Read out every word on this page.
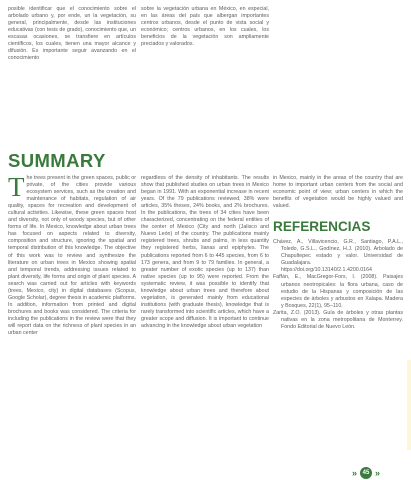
posible identificar que el conocimiento sobre el arbolado urbano y, por ende, un la vegetación, su general, principalmente, desde las instituciones educativas (con tesis de grado), conocimiento que, un escasas ocasiones, se transfiere en artículos científicos, los cuales, tienen una mayor alcance y difusión. Es importante seguir avanzando en el conocimiento

sobre la vegetación urbana en México, en especial, en las áreas del país que albergan importantes centros urbanos, desde el punto de vista social y económico; centros urbanos, en los cuales, los beneficios de la vegetación son ampliamente preciados y valorados.

SUMMARY

The trees present in the green spaces, public or private, of the cities provide various ecosystem services, such as the creation and maintenance of habitats, regulation of air quality, spaces for recreation and development of cultural activities. Likewise, these green spaces host and diversity, not only of woody species, but of other forms of life. In Mexico, knowledge about urban trees has focused on aspects related to diversity, composition and structure, ignoring the spatial and temporal distribution of this knowledge. The objective of this work was to review and synthesize the literature on urban trees in Mexico showing spatial and temporal trends, addressing issues related to plant diversity, life forms and origin of plant species. A search was carried out for articles with keywords (trees, Mexico, city) in digital databases (Scopus, Google Scholar), degree thesis in academic platforms. In addition, information from printed and digital brochures and books was considered. The criteria for including the publications in the review were that they will report data on the richness of plant species in an urban center

regardless of the density of inhabitants. The results show that published studies on urban trees in Mexico began in 1991. With an exponential increase in recent years. Of the 79 publications reviewed, 38% were articles, 35% theses, 24% books, and 2% brochures. In the publications, the trees of 34 cities have been characterized, concentrating on the federal entities of the center of Mexico (City and north (Jalisco and Nuevo León) of the country. The publications mainly registered trees, shrubs and palms, in less quantity they registered herbs, lianas and epiphytes. The publications reported from 6 to 445 species, from 6 to 173 genera, and from 9 to 79 families. In general, a greater number of exotic species (up to 137) than native species (up to 95) were reported. From the systematic review, it was possible to identify that knowledge about urban trees and therefore about vegetation, is generated mainly from educational institutions (with graduate thesis), knowledge that is rarely transformed into scientific articles, which have a greater scope and diffusion. It is important to continue advancing in the knowledge about urban vegetation

in Mexico, mainly in the areas of the country that are home to important urban centers from the social and economic point of view; urban centers in which the benefits of vegetation would be highly valued and valued.

REFERENCIAS

Chávez, A., Villavicencio, G.R., Santiago, P.A.L., Toledo, G.S.L., Godínez, H.J. (2010). Arbolado de Chapultepec estado y valor. Universidad de Guadalajara. https://doi.org/10.13140/2.1.4200.0164

Faffán, E., MacGregor-Fors, I. (2008). Paisajes urbanos neotropicales: la flora urbana, caso de estudio de la Hispanas y composición de las especies de árboles y arbustos en Xalapa. Madera y Bosques, 22(1), 95–110.

Zarita, Z.O. (2013). Guía de árboles y otras plantas nativas en la zona metropolitana de Monterrey. Fondo Editorial de Nuevo León.

» 45 »
